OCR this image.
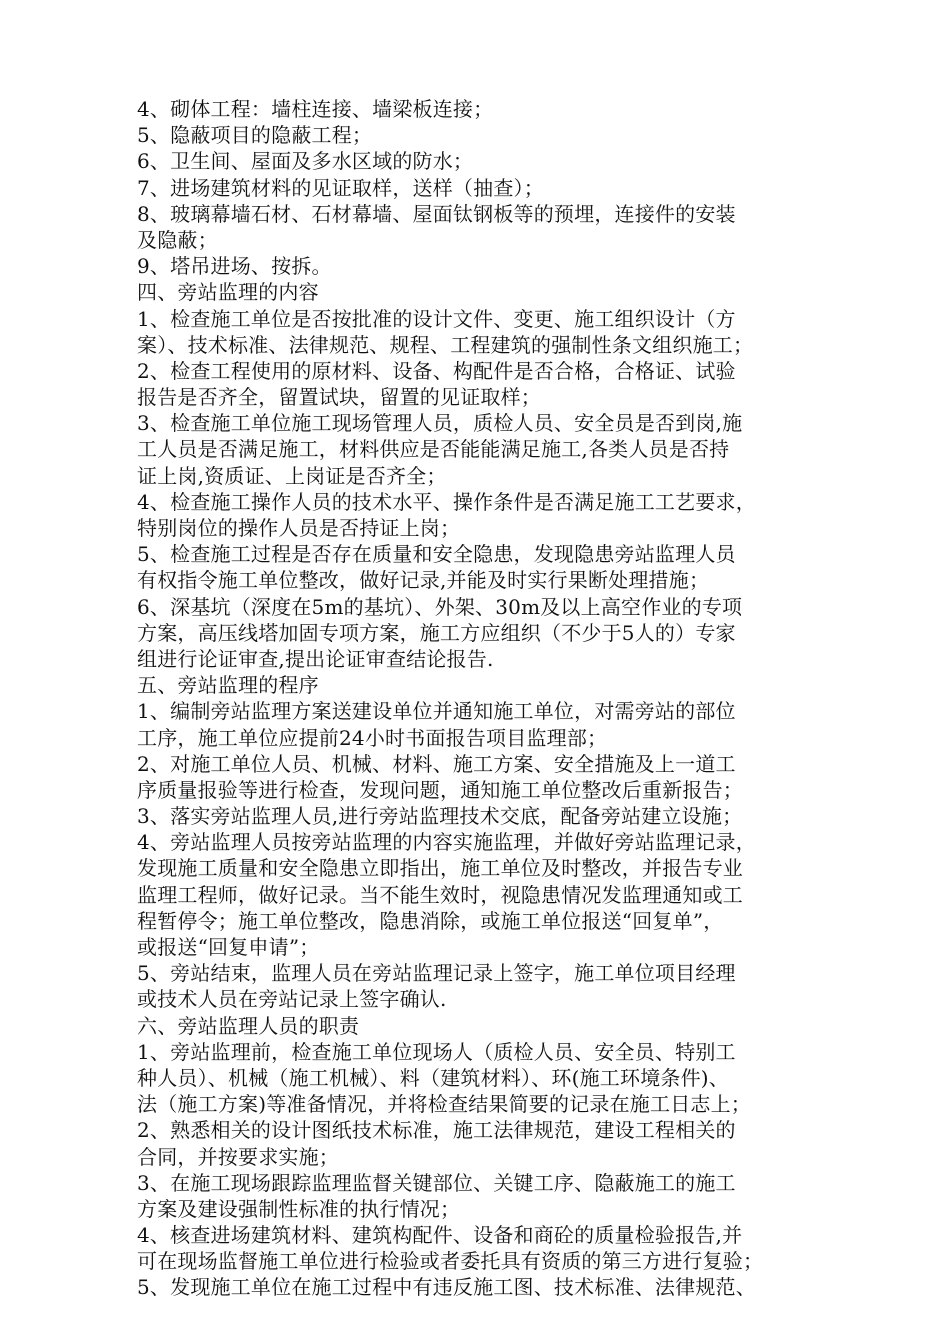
4、砌体工程：墙柱连接、墙梁板连接；
5、隐蔽项目的隐蔽工程；
6、卫生间、屋面及多水区域的防水；
7、进场建筑材料的见证取样，送样（抽查）；
8、玻璃幕墙石材、石材幕墙、屋面钛钢板等的预埋，连接件的安装
及隐蔽；
9、塔吊进场、按拆。
四、旁站监理的内容
1、检查施工单位是否按批准的设计文件、变更、施工组织设计（方
案）、技术标准、法律规范、规程、工程建筑的强制性条文组织施工；
2、检查工程使用的原材料、设备、构配件是否合格，合格证、试验
报告是否齐全，留置试块，留置的见证取样；
3、检查施工单位施工现场管理人员，质检人员、安全员是否到岗,施
工人员是否满足施工，材料供应是否能能满足施工,各类人员是否持
证上岗,资质证、上岗证是否齐全；
4、检查施工操作人员的技术水平、操作条件是否满足施工工艺要求，
特别岗位的操作人员是否持证上岗；
5、检查施工过程是否存在质量和安全隐患，发现隐患旁站监理人员
有权指令施工单位整改，做好记录,并能及时实行果断处理措施；
6、深基坑（深度在5m的基坑）、外架、30m及以上高空作业的专项
方案，高压线塔加固专项方案，施工方应组织（不少于5人的）专家
组进行论证审查,提出论证审查结论报告.
五、旁站监理的程序
1、编制旁站监理方案送建设单位并通知施工单位，对需旁站的部位
工序，施工单位应提前24小时书面报告项目监理部；
2、对施工单位人员、机械、材料、施工方案、安全措施及上一道工
序质量报验等进行检查，发现问题，通知施工单位整改后重新报告；
3、落实旁站监理人员,进行旁站监理技术交底，配备旁站建立设施；
4、旁站监理人员按旁站监理的内容实施监理，并做好旁站监理记录，
发现施工质量和安全隐患立即指出，施工单位及时整改，并报告专业
监理工程师，做好记录。当不能生效时，视隐患情况发监理通知或工
程暂停令；施工单位整改，隐患消除，或施工单位报送“回复单”，
或报送“回复申请”；
5、旁站结束，监理人员在旁站监理记录上签字，施工单位项目经理
或技术人员在旁站记录上签字确认.
六、旁站监理人员的职责
1、旁站监理前，检查施工单位现场人（质检人员、安全员、特别工
种人员）、机械（施工机械）、料（建筑材料）、环(施工环境条件)、
法（施工方案)等准备情况，并将检查结果简要的记录在施工日志上；
2、熟悉相关的设计图纸技术标准，施工法律规范，建设工程相关的
合同，并按要求实施；
3、在施工现场跟踪监理监督关键部位、关键工序、隐蔽施工的施工
方案及建设强制性标准的执行情况；
4、核查进场建筑材料、建筑构配件、设备和商砼的质量检验报告,并
可在现场监督施工单位进行检验或者委托具有资质的第三方进行复验；
5、发现施工单位在施工过程中有违反施工图、技术标准、法律规范、
